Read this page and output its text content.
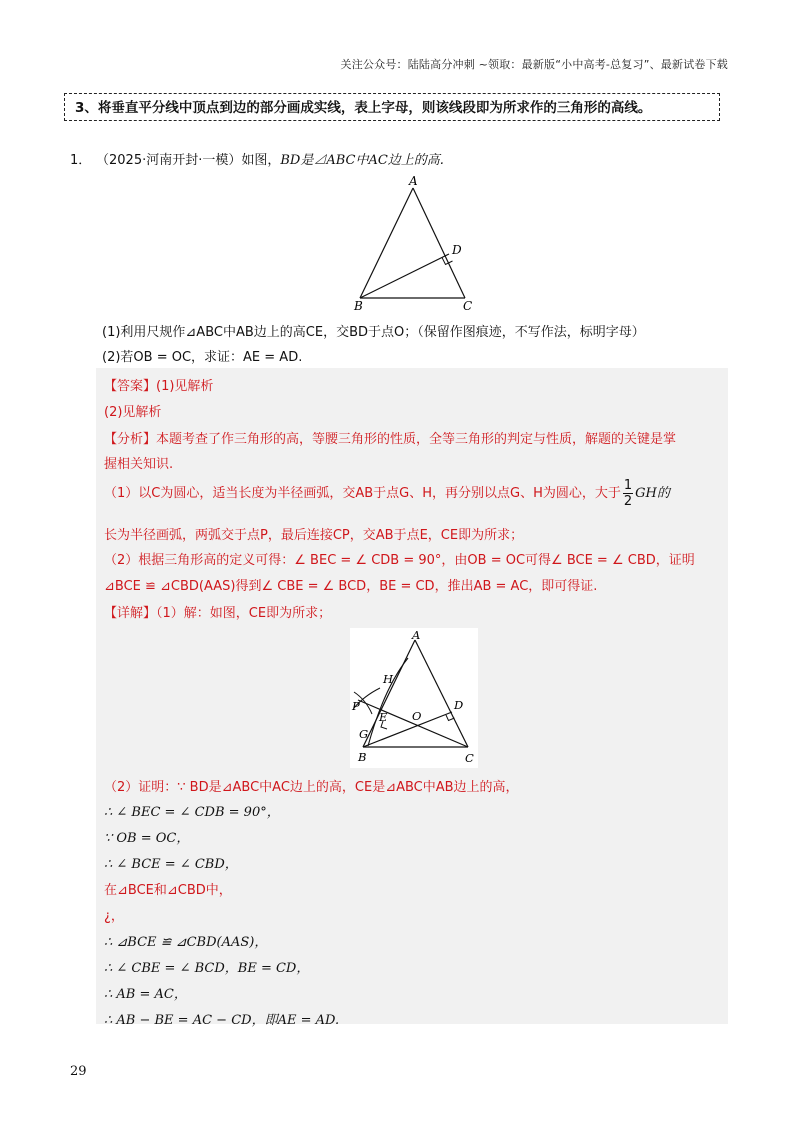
关注公众号：陆陆高分冲刺 ~领取：最新版“小中高考-总复习”、最新试卷下载
3、将垂直平分线中顶点到边的部分画成实线，表上字母，则该线段即为所求作的三角形的高线。
1． （2025·河南开封·一模）如图，BD是⊿ABC中AC边上的高.
A
B	C
D
(1)利用尺规作⊿ABC中AB边上的高CE，交BD于点O；（保留作图痕迹，不写作法，标明字母）
(2)若OB = OC，求证：AE = AD.
【答案】(1)见解析
(2)见解析
【分析】本题考查了作三角形的高，等腰三角形的性质，全等三角形的判定与性质，解题的关键是掌
握相关知识.
（1）以C为圆心，适当长度为半径画弧，交AB于点G、H，再分别以点G、H为圆心，大于 $\frac{1}{2}$ GH的
长为半径画弧，两弧交于点P，最后连接CP，交AB于点E，CE即为所求；
（2）根据三角形高的定义可得：∠ BEC = ∠ CDB = 90°，由OB = OC可得∠ BCE = ∠ CBD，证明
⊿BCE ≌ ⊿CBD(AAS)得到∠ CBE = ∠ BCD，BE = CD，推出AB = AC，即可得证.
【详解】（1）解：如图，CE即为所求；
A
H
P
E O
D
G
B	C
（2）证明：∵ BD是⊿ABC中AC边上的高，CE是⊿ABC中AB边上的高，
∴ ∠ BEC = ∠ CDB = 90°，
∵ OB = OC，
∴ ∠ BCE = ∠ CBD，
在⊿BCE和⊿CBD中，
¿，
∴ ⊿BCE ≌ ⊿CBD(AAS)，
∴ ∠ CBE = ∠ BCD，BE = CD，
∴ AB = AC，
∴ AB − BE = AC − CD，即AE = AD.
29
